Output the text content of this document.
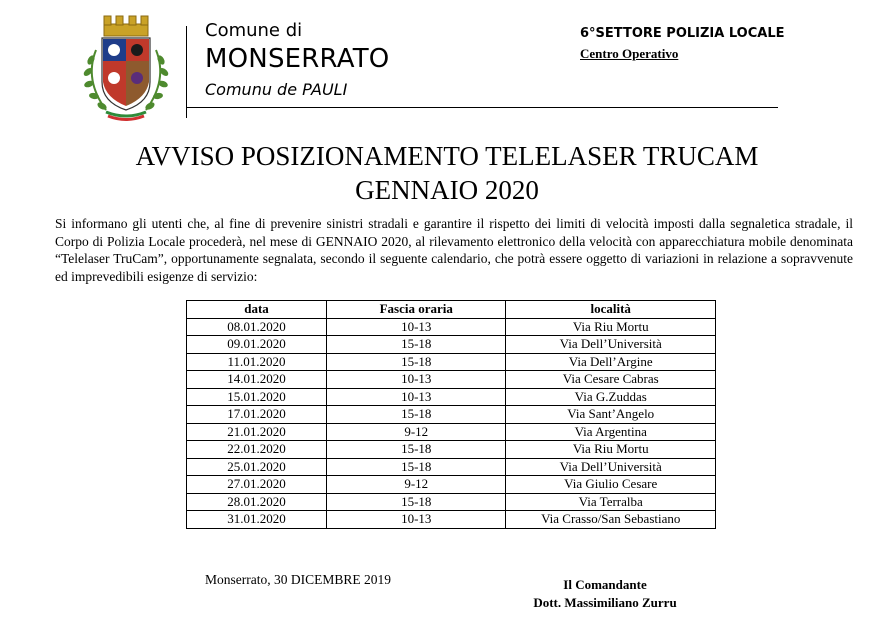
Comune di
MONSERRATO
Comunu de PAULI
6°SETTORE POLIZIA LOCALE
Centro Operativo
AVVISO POSIZIONAMENTO TELELASER TRUCAM
GENNAIO 2020

Si informano gli utenti che, al fine di prevenire sinistri stradali e garantire il rispetto dei limiti di velocità imposti dalla segnaletica stradale, il Corpo di Polizia Locale procederà, nel mese di GENNAIO 2020, al rilevamento elettronico della velocità con apparecchiatura mobile denominata “Telelaser TruCam”, opportunamente segnalata, secondo il seguente calendario, che potrà essere oggetto di variazioni in relazione a sopravvenute ed imprevedibili esigenze di servizio:

data	Fascia oraria	località
08.01.2020	10-13	Via Riu Mortu
09.01.2020	15-18	Via Dell’Università
11.01.2020	15-18	Via Dell’Argine
14.01.2020	10-13	Via Cesare Cabras
15.01.2020	10-13	Via G.Zuddas
17.01.2020	15-18	Via Sant’Angelo
21.01.2020	9-12	Via Argentina
22.01.2020	15-18	Via Riu Mortu
25.01.2020	15-18	Via Dell’Università
27.01.2020	9-12	Via Giulio Cesare
28.01.2020	15-18	Via Terralba
31.01.2020	10-13	Via Crasso/San Sebastiano
Monserrato, 30 DICEMBRE 2019	Il Comandante
Dott. Massimiliano Zurru
